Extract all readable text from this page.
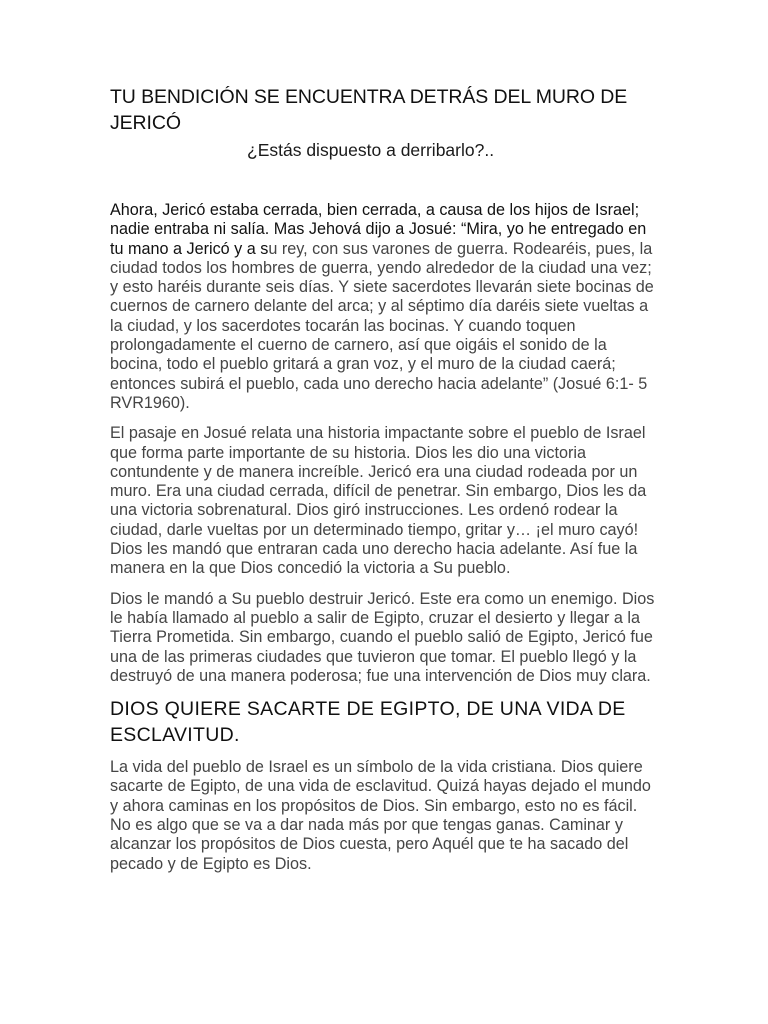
TU BENDICIÓN SE ENCUENTRA DETRÁS DEL MURO DE JERICÓ
¿Estás dispuesto a derribarlo?..

Ahora, Jericó estaba cerrada, bien cerrada, a causa de los hijos de Israel; nadie entraba ni salía. Mas Jehová dijo a Josué: “Mira, yo he entregado en tu mano a Jericó y a su rey, con sus varones de guerra. Rodearéis, pues, la ciudad todos los hombres de guerra, yendo alrededor de la ciudad una vez; y esto haréis durante seis días. Y siete sacerdotes llevarán siete bocinas de cuernos de carnero delante del arca; y al séptimo día daréis siete vueltas a la ciudad, y los sacerdotes tocarán las bocinas. Y cuando toquen prolongadamente el cuerno de carnero, así que oigáis el sonido de la bocina, todo el pueblo gritará a gran voz, y el muro de la ciudad caerá; entonces subirá el pueblo, cada uno derecho hacia adelante” (Josué 6:1- 5 RVR1960).

El pasaje en Josué relata una historia impactante sobre el pueblo de Israel que forma parte importante de su historia. Dios les dio una victoria contundente y de manera increíble. Jericó era una ciudad rodeada por un muro. Era una ciudad cerrada, difícil de penetrar. Sin embargo, Dios les da una victoria sobrenatural. Dios giró instrucciones. Les ordenó rodear la ciudad, darle vueltas por un determinado tiempo, gritar y… ¡el muro cayó! Dios les mandó que entraran cada uno derecho hacia adelante. Así fue la manera en la que Dios concedió la victoria a Su pueblo.

Dios le mandó a Su pueblo destruir Jericó. Este era como un enemigo. Dios le había llamado al pueblo a salir de Egipto, cruzar el desierto y llegar a la Tierra Prometida. Sin embargo, cuando el pueblo salió de Egipto, Jericó fue una de las primeras ciudades que tuvieron que tomar. El pueblo llegó y la destruyó de una manera poderosa; fue una intervención de Dios muy clara.

DIOS QUIERE SACARTE DE EGIPTO, DE UNA VIDA DE ESCLAVITUD.

La vida del pueblo de Israel es un símbolo de la vida cristiana. Dios quiere sacarte de Egipto, de una vida de esclavitud. Quizá hayas dejado el mundo y ahora caminas en los propósitos de Dios. Sin embargo, esto no es fácil. No es algo que se va a dar nada más por que tengas ganas. Caminar y alcanzar los propósitos de Dios cuesta, pero Aquél que te ha sacado del pecado y de Egipto es Dios.
